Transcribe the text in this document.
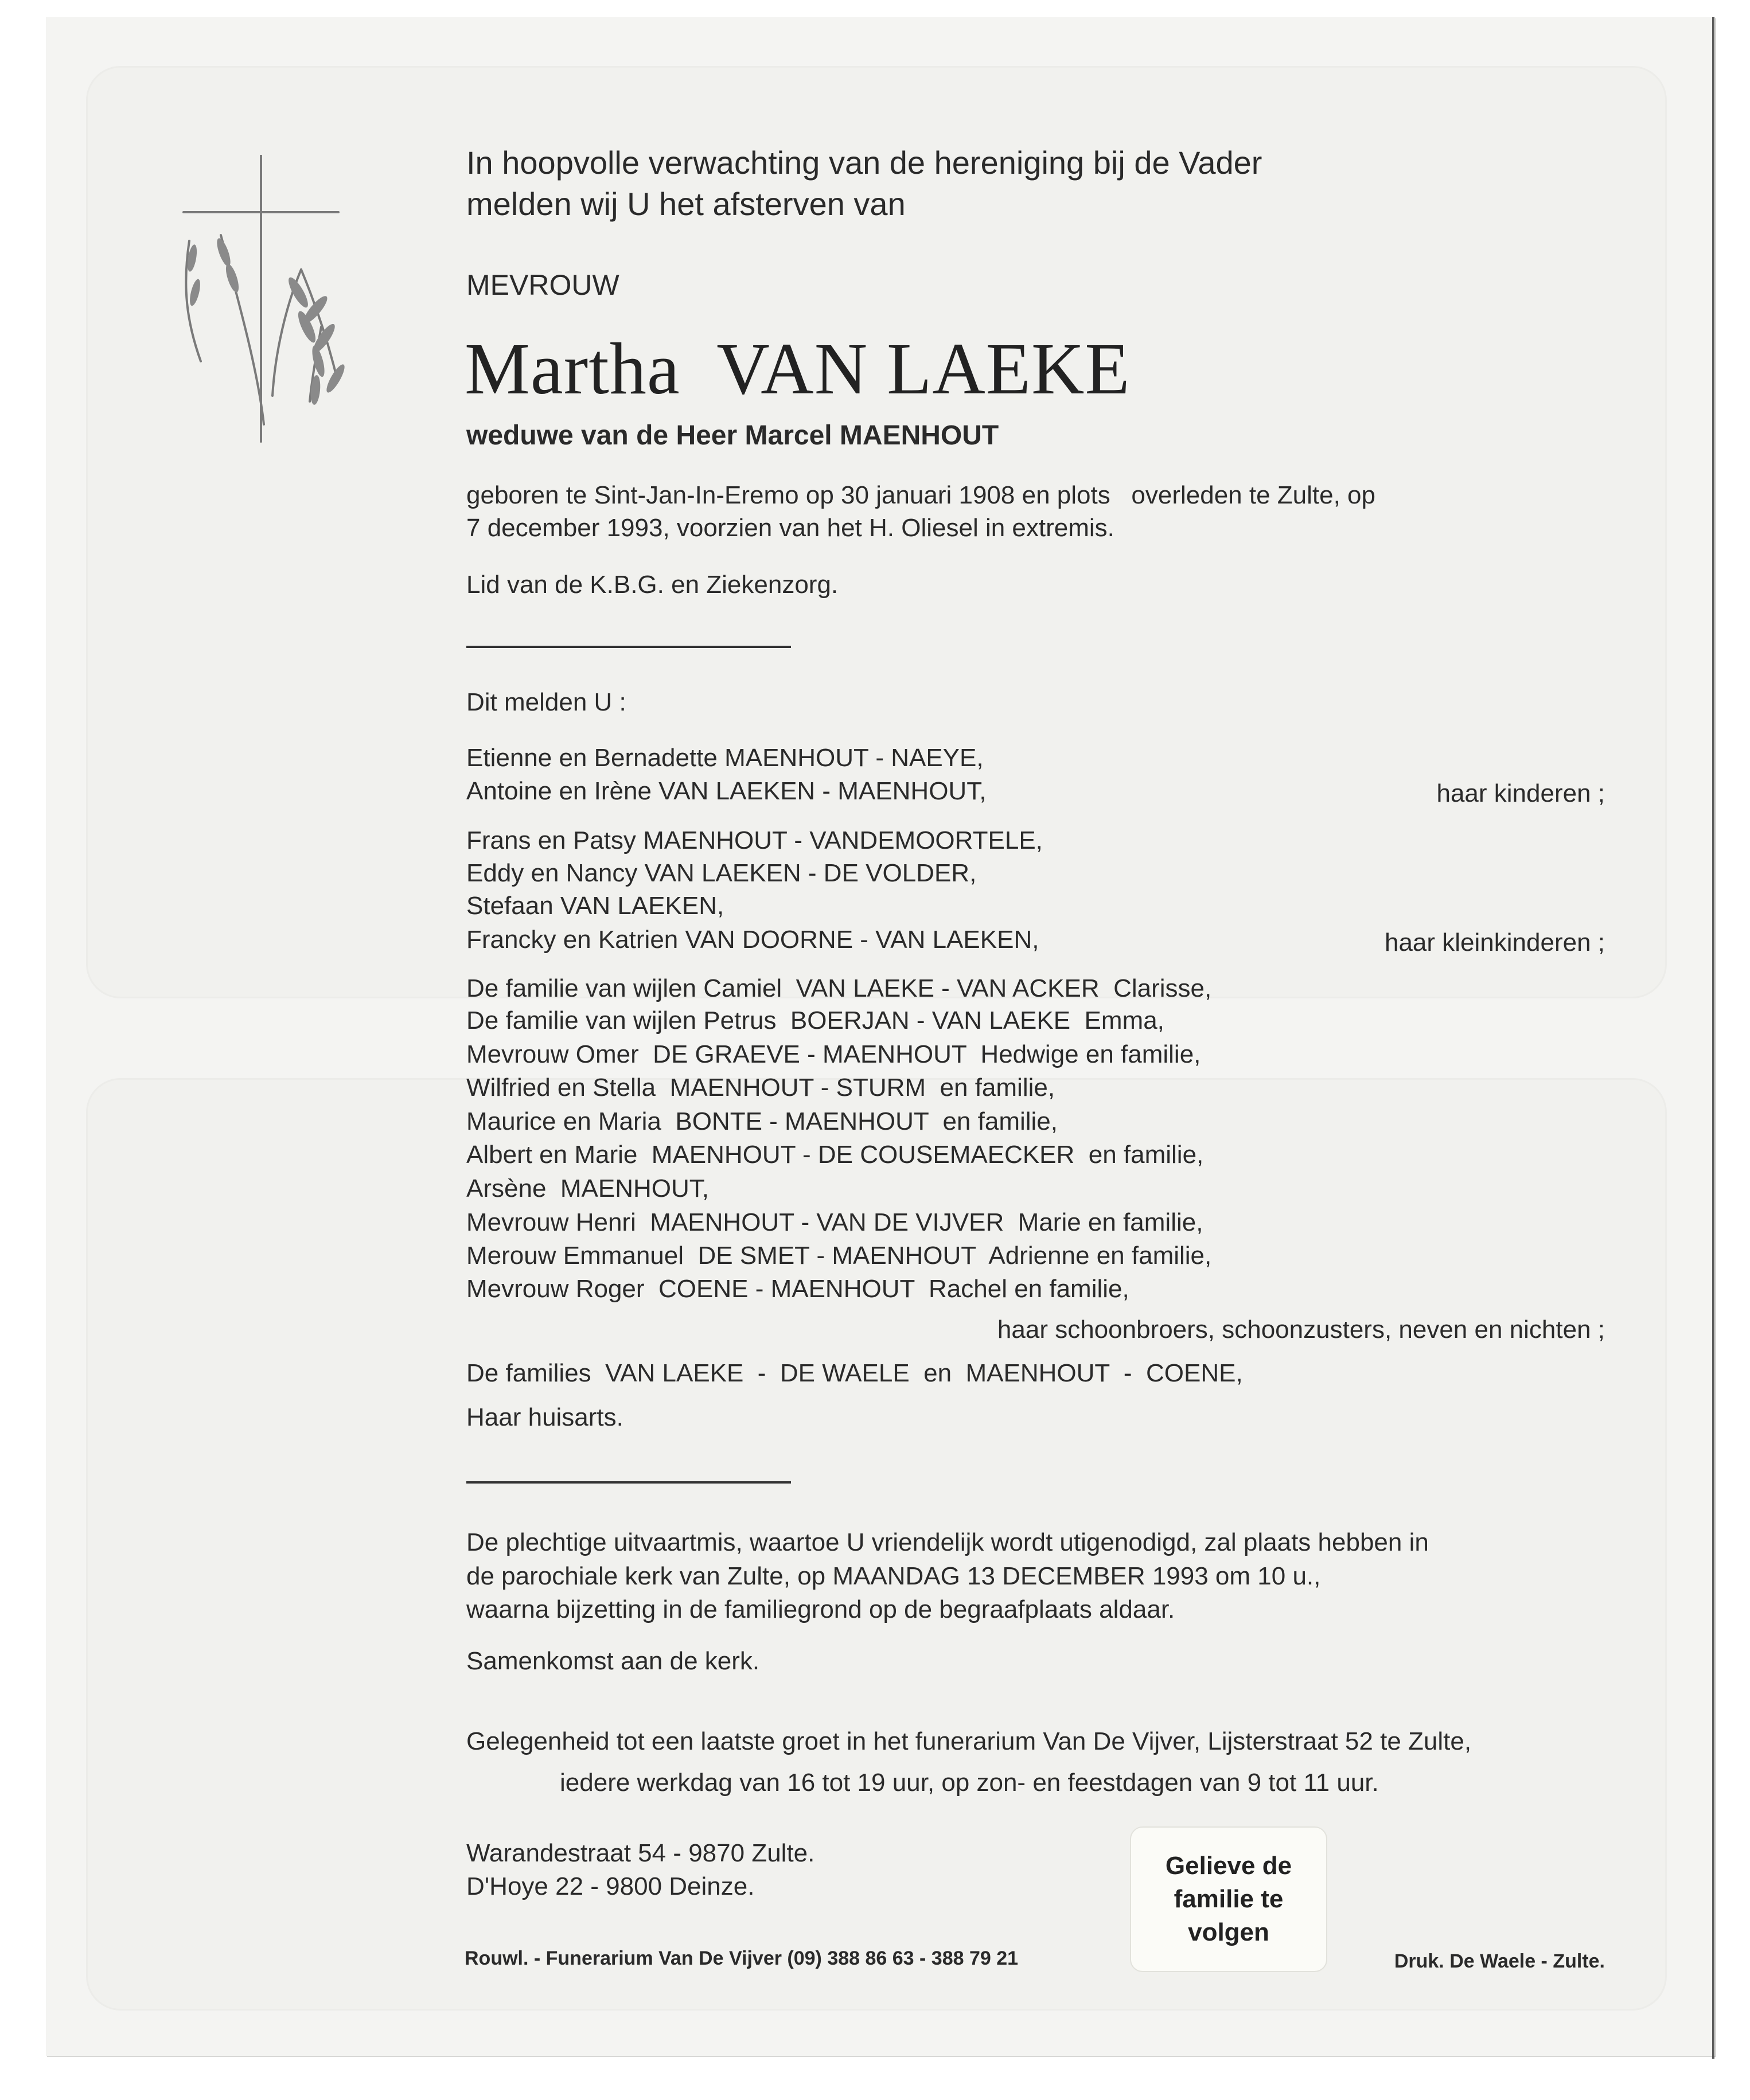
In hoopvolle verwachting van de hereniging bij de Vader
melden wij U het afsterven van
MEVROUW
Martha  VAN LAEKE
weduwe van de Heer Marcel MAENHOUT
geboren te Sint-Jan-In-Eremo op 30 januari 1908 en plots   overleden te Zulte, op
7 december 1993, voorzien van het H. Oliesel in extremis.
Lid van de K.B.G. en Ziekenzorg.
Dit melden U :
Etienne en Bernadette MAENHOUT - NAEYE,
Antoine en Irène VAN LAEKEN - MAENHOUT,	haar kinderen ;
Frans en Patsy MAENHOUT - VANDEMOORTELE,
Eddy en Nancy VAN LAEKEN - DE VOLDER,
Stefaan VAN LAEKEN,
Francky en Katrien VAN DOORNE - VAN LAEKEN,	haar kleinkinderen ;
De familie van wijlen Camiel  VAN LAEKE - VAN ACKER  Clarisse,
De familie van wijlen Petrus  BOERJAN - VAN LAEKE  Emma,
Mevrouw Omer  DE GRAEVE - MAENHOUT  Hedwige en familie,
Wilfried en Stella  MAENHOUT - STURM  en familie,
Maurice en Maria  BONTE - MAENHOUT  en familie,
Albert en Marie  MAENHOUT - DE COUSEMAECKER  en familie,
Arsène  MAENHOUT,
Mevrouw Henri  MAENHOUT - VAN DE VIJVER  Marie en familie,
Merouw Emmanuel  DE SMET - MAENHOUT  Adrienne en familie,
Mevrouw Roger  COENE - MAENHOUT  Rachel en familie,
haar schoonbroers, schoonzusters, neven en nichten ;
De families  VAN LAEKE  -  DE WAELE  en  MAENHOUT  -  COENE,
Haar huisarts.
De plechtige uitvaartmis, waartoe U vriendelijk wordt utigenodigd, zal plaats hebben in
de parochiale kerk van Zulte, op MAANDAG 13 DECEMBER 1993 om 10 u.,
waarna bijzetting in de familiegrond op de begraafplaats aldaar.
Samenkomst aan de kerk.
Gelegenheid tot een laatste groet in het funerarium Van De Vijver, Lijsterstraat 52 te Zulte,
iedere werkdag van 16 tot 19 uur, op zon- en feestdagen van 9 tot 11 uur.
Warandestraat 54 - 9870 Zulte.
D'Hoye 22 - 9800 Deinze.
Gelieve de
familie te
volgen
Rouwl. - Funerarium Van De Vijver (09) 388 86 63 - 388 79 21	Druk. De Waele - Zulte.
